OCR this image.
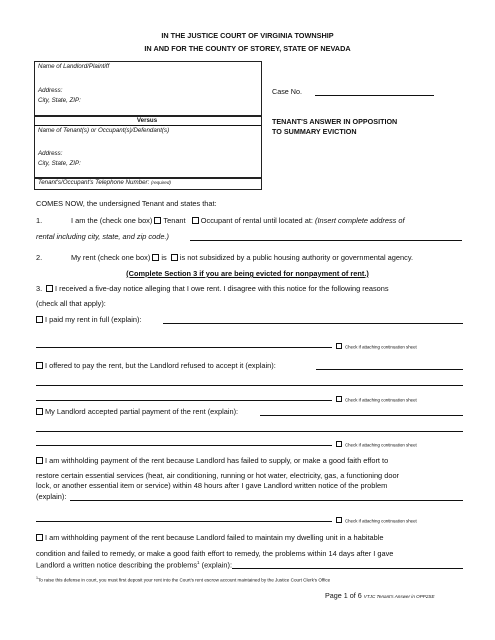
IN THE JUSTICE COURT OF VIRGINIA TOWNSHIP
IN AND FOR THE COUNTY OF STOREY, STATE OF NEVADA
Name of Landlord/Plaintiff
Address:
City, State, ZIP:
Versus
Name of Tenant(s) or Occupant(s)/Defendant(s)
Address:
City, State, ZIP:
Tenant's/Occupant's Telephone Number: (required)
Case No.
TENANT'S ANSWER IN OPPOSITION
TO SUMMARY EVICTION
COMES NOW, the undersigned Tenant and states that:
1.	I am the (check one box) Tenant Occupant of rental until located at: (Insert complete address of
rental including city, state, and zip code.)
2.	My rent (check one box) is is not subsidized by a public housing authority or governmental agency.
(Complete Section 3 if you are being evicted for nonpayment of rent.)
3.	I received a five-day notice alleging that I owe rent. I disagree with this notice for the following reasons
(check all that apply):
I paid my rent in full (explain):
Check if attaching continuation sheet
I offered to pay the rent, but the Landlord refused to accept it (explain):
Check if attaching continuation sheet
My Landlord accepted partial payment of the rent (explain):
Check if attaching continuation sheet
I am withholding payment of the rent because Landlord has failed to supply, or make a good faith effort to
restore certain essential services (heat, air conditioning, running or hot water, electricity, gas, a functioning door
lock, or another essential item or service) within 48 hours after I gave Landlord written notice of the problem
(explain):
Check if attaching continuation sheet
I am withholding payment of the rent because Landlord failed to maintain my dwelling unit in a habitable
condition and failed to remedy, or make a good faith effort to remedy, the problems within 14 days after I gave
Landlord a written notice describing the problems$^1$ (explain):
$^1$To raise this defense in court, you must first deposit your rent into the Court's rent escrow account maintained by the Justice Court Clerk's Office
Page 1 of 6 VTJC Tenant's Answer in OPP2SE
